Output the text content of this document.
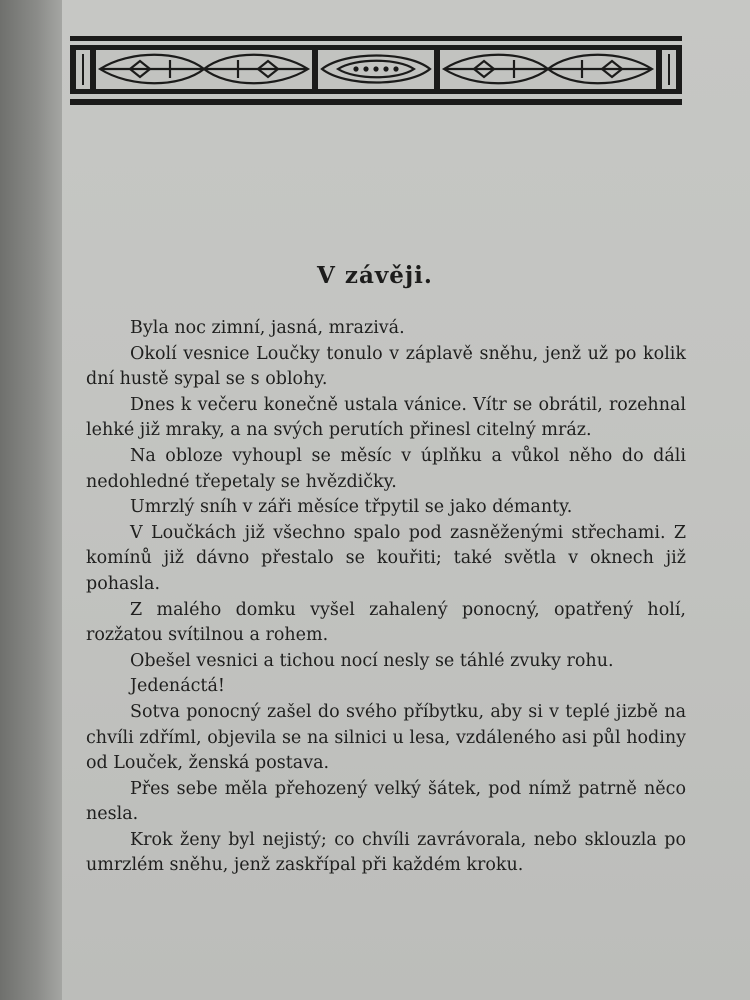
V závěji.

Byla noc zimní, jasná, mrazivá.

Okolí vesnice Loučky tonulo v záplavě sněhu, jenž už po kolik dní hustě sypal se s oblohy.

Dnes k večeru konečně ustala vánice. Vítr se obrátil, rozehnal lehké již mraky, a na svých perutích přinesl citelný mráz.

Na obloze vyhoupl se měsíc v úplňku a vůkol něho do dáli nedohledné třepetaly se hvězdičky.

Umrzlý sníh v záři měsíce třpytil se jako démanty.

V Loučkách již všechno spalo pod zasněženými střechami. Z komínů již dávno přestalo se kouřiti; také světla v oknech již pohasla.

Z malého domku vyšel zahalený ponocný, opatřený holí, rozžatou svítilnou a rohem.

Obešel vesnici a tichou nocí nesly se táhlé zvuky rohu.

Jedenáctá!

Sotva ponocný zašel do svého příbytku, aby si v teplé jizbě na chvíli zdříml, objevila se na silnici u lesa, vzdáleného asi půl hodiny od Louček, ženská postava.

Přes sebe měla přehozený velký šátek, pod nímž patrně něco nesla.

Krok ženy byl nejistý; co chvíli zavrávorala, nebo sklouzla po umrzlém sněhu, jenž zaskřípal při každém kroku.
